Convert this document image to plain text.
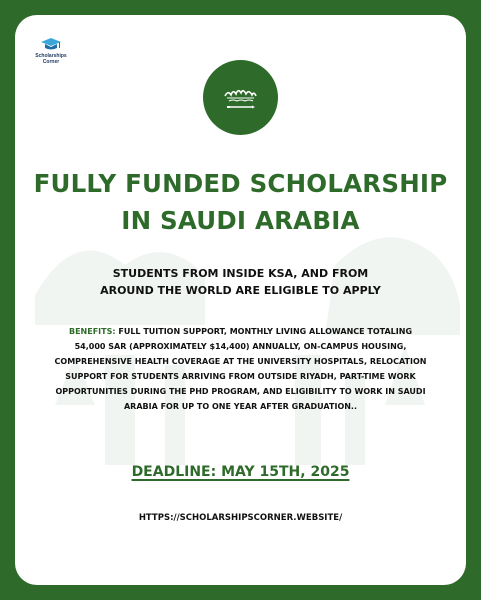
Scholarships
Corner
FULLY FUNDED SCHOLARSHIP
IN SAUDI ARABIA
STUDENTS FROM INSIDE KSA, AND FROM
AROUND THE WORLD ARE ELIGIBLE TO APPLY
BENEFITS: FULL TUITION SUPPORT, MONTHLY LIVING ALLOWANCE TOTALING 54,000 SAR (APPROXIMATELY $14,400) ANNUALLY, ON-CAMPUS HOUSING, COMPREHENSIVE HEALTH COVERAGE AT THE UNIVERSITY HOSPITALS, RELOCATION SUPPORT FOR STUDENTS ARRIVING FROM OUTSIDE RIYADH, PART-TIME WORK OPPORTUNITIES DURING THE PHD PROGRAM, AND ELIGIBILITY TO WORK IN SAUDI ARABIA FOR UP TO ONE YEAR AFTER GRADUATION..
DEADLINE: MAY 15TH, 2025
HTTPS://SCHOLARSHIPSCORNER.WEBSITE/
